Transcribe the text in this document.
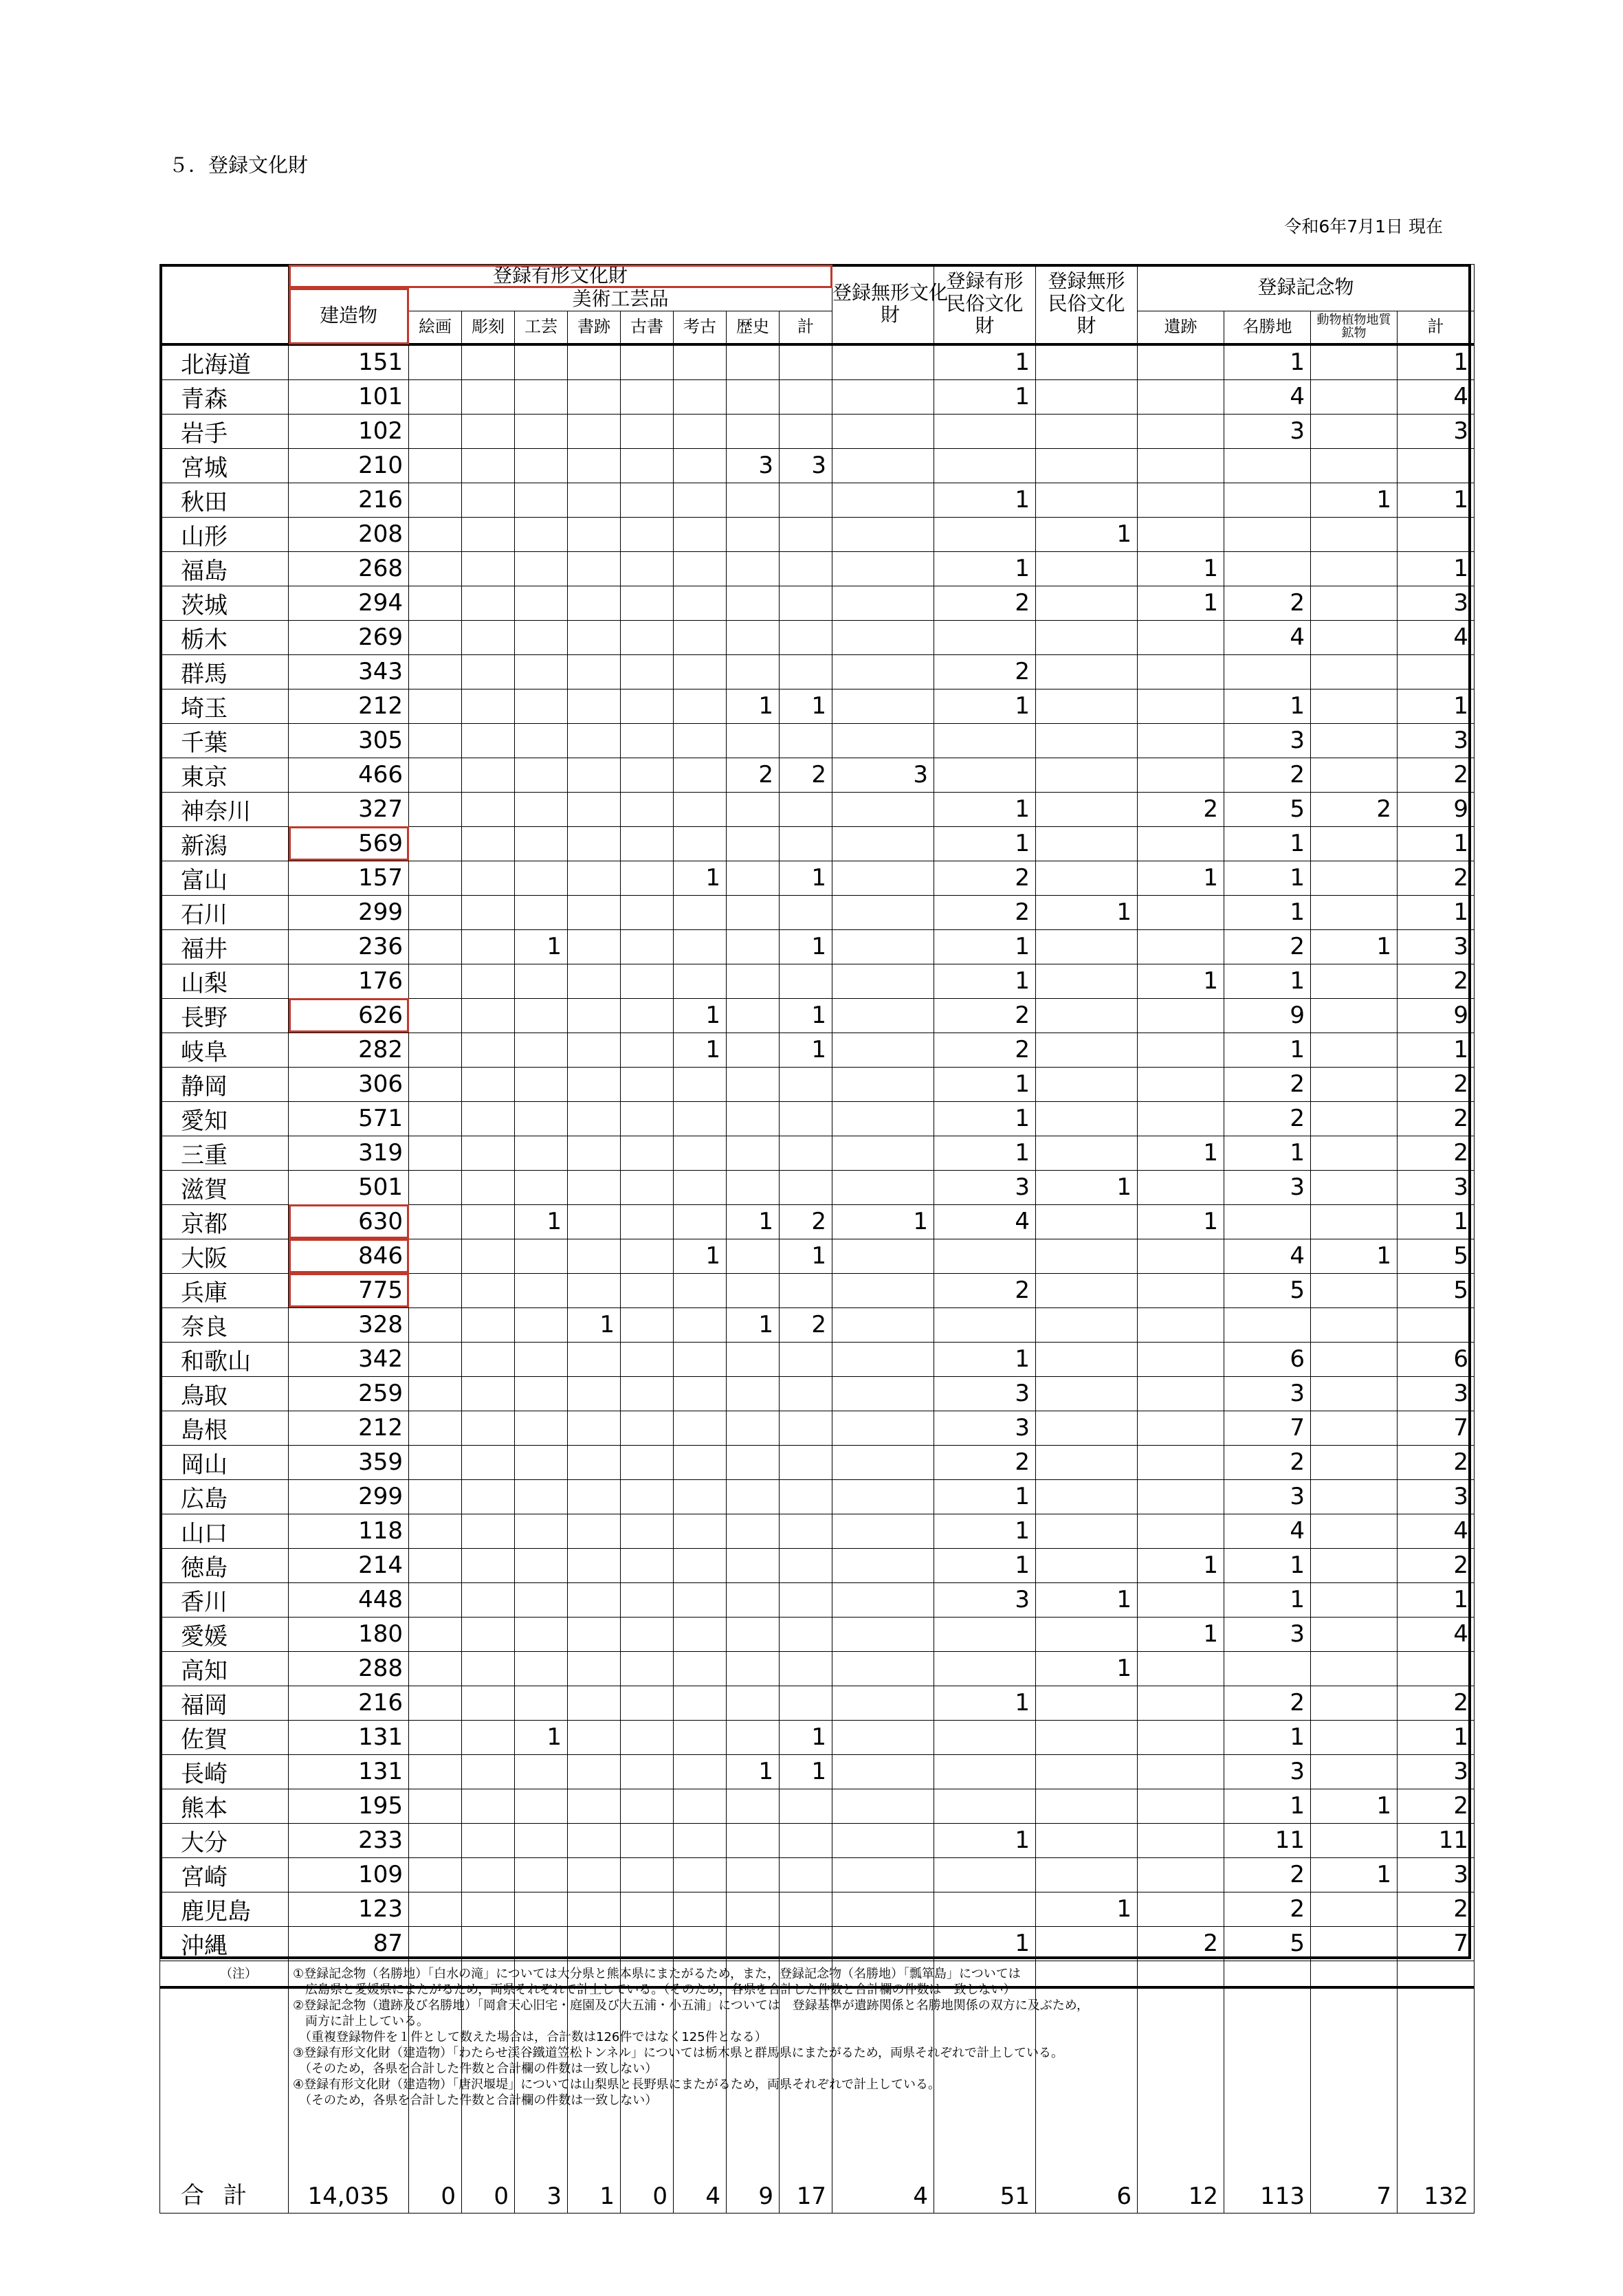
５．登録文化財
令和6年7月1日 現在
	登録有形文化財									登録無形文化財	登録有形民俗文化財	登録無形民俗文化財	登録記念物			
	建造物	美術工芸品														
		絵画	彫刻	工芸	書跡	古書	考古	歴史	計				遺跡	名勝地	動物植物地質鉱物	計
北海道	151										1			1		1
青森	101										1			4		4
岩手	102													3		3
宮城	210							3	3							
秋田	216										1				1	1
山形	208											1				
福島	268										1		1			1
茨城	294										2		1	2		3
栃木	269													4		4
群馬	343										2					
埼玉	212							1	1		1			1		1
千葉	305													3		3
東京	466							2	2	3				2		2
神奈川	327										1		2	5	2	9
新潟	569										1			1		1
富山	157						1		1		2		1	1		2
石川	299										2	1		1		1
福井	236			1					1		1			2	1	3
山梨	176										1		1	1		2
長野	626						1		1		2			9		9
岐阜	282						1		1		2			1		1
静岡	306										1			2		2
愛知	571										1			2		2
三重	319										1		1	1		2
滋賀	501										3	1		3		3
京都	630			1				1	2	1	4		1			1
大阪	846						1		1					4	1	5
兵庫	775										2			5		5
奈良	328				1			1	2							
和歌山	342										1			6		6
鳥取	259										3			3		3
島根	212										3			7		7
岡山	359										2			2		2
広島	299										1			3		3
山口	118										1			4		4
徳島	214										1		1	1		2
香川	448										3	1		1		1
愛媛	180												1	3		4
高知	288											1				
福岡	216										1			2		2
佐賀	131			1					1					1		1
長崎	131							1	1					3		3
熊本	195													1	1	2
大分	233										1			11		11
宮崎	109													2	1	3
鹿児島	123											1		2		2
沖縄	87										1		2	5		7

合計	14,035	0	0	3	1	0	4	9	17	4	51	6	12	113	7	132
（注）	①登録記念物（名勝地）「白水の滝」については大分県と熊本県にまたがるため，また，登録記念物（名勝地）「瓢箪島」については
　広島県と愛媛県にまたがるため，両県それぞれで計上している。（そのため，各県を合計した件数と合計欄の件数は一致しない）
②登録記念物（遺跡及び名勝地）「岡倉天心旧宅・庭園及び大五浦・小五浦」については　登録基準が遺跡関係と名勝地関係の双方に及ぶため，
　両方に計上している。
　（重複登録物件を１件として数えた場合は，合計数は126件ではなく125件となる）
③登録有形文化財（建造物）「わたらせ渓谷鐵道笠松トンネル」については栃木県と群馬県にまたがるため，両県それぞれで計上している。
　（そのため，各県を合計した件数と合計欄の件数は一致しない）
④登録有形文化財（建造物）「唐沢堰堤」については山梨県と長野県にまたがるため，両県それぞれで計上している。
　（そのため，各県を合計した件数と合計欄の件数は一致しない）
